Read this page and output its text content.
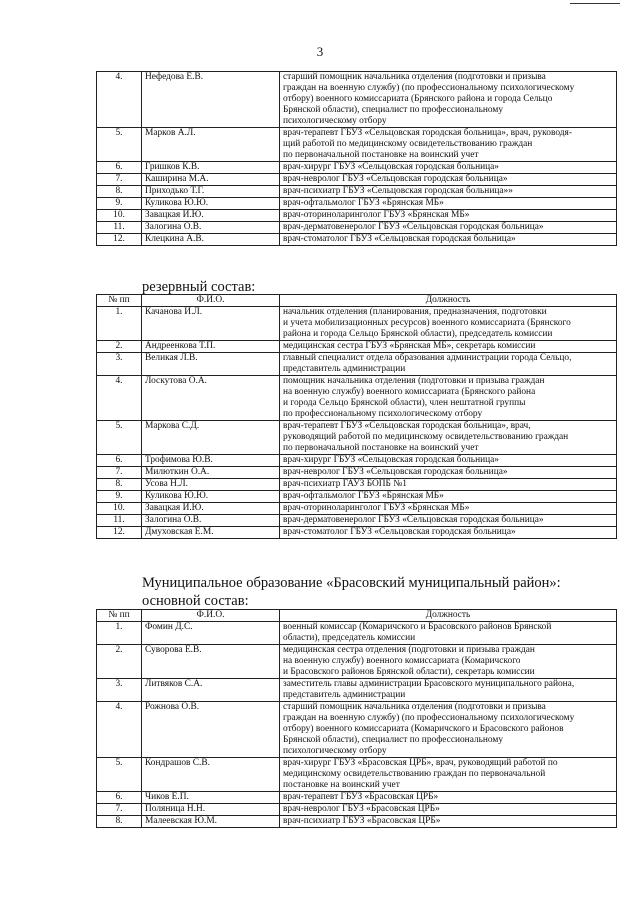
3
4.	Нефедова Е.В.	старший помощник начальника отделения (подготовки и призыва
граждан на военную службу) (по профессиональному психологическому
отбору) военного комиссариата (Брянского района и города Сельцо
Брянской области), специалист по профессиональному
психологическому отбору

5.	Марков А.Л.	врач-терапевт ГБУЗ «Сельцовская городская больница», врач, руководя-
щий работой по медицинскому освидетельствованию граждан
по первоначальной постановке на воинский учет

6.	Гришков К.В.	врач-хирург ГБУЗ «Сельцовская городская больница»

7.	Каширина М.А.	врач-невролог ГБУЗ «Сельцовская городская больница»

8.	Приходько Т.Г.	врач-психиатр ГБУЗ «Сельцовская городская больница»»

9.	Куликова Ю.Ю.	врач-офтальмолог ГБУЗ «Брянская МБ»

10.	Завацкая И.Ю.	врач-оториноларинголог ГБУЗ «Брянская МБ»

11.	Залогина О.В.	врач-дерматовенеролог ГБУЗ «Сельцовская городская больница»

12.	Клецкина А.В.	врач-стоматолог ГБУЗ «Сельцовская городская больница»
резервный состав:
№ пп	Ф.И.О.	Должность
1.	Качанова И.Л.	начальник отделения (планирования, предназначения, подготовки
и учета мобилизационных ресурсов) военного комиссариата (Брянского
района и города Сельцо Брянской области), председатель комиссии

2.	Андреенкова Т.П.	медицинская сестра ГБУЗ «Брянская МБ», секретарь комиссии

3.	Великая Л.В.	главный специалист отдела образования администрации города Сельцо,
представитель администрации

4.	Лоскутова О.А.	помощник начальника отделения (подготовки и призыва граждан
на военную службу) военного комиссариата (Брянского района
и города Сельцо Брянской области), член нештатной группы
по профессиональному психологическому отбору

5.	Маркова С.Д.	врач-терапевт ГБУЗ «Сельцовская городская больница», врач,
руководящий работой по медицинскому освидетельствованию граждан
по первоначальной постановке на воинский учет

6.	Трофимова Ю.В.	врач-хирург ГБУЗ «Сельцовская городская больница»

7.	Милюткин О.А.	врач-невролог ГБУЗ «Сельцовская городская больница»

8.	Усова Н.Л.	врач-психиатр ГАУЗ БОПБ №1

9.	Куликова Ю.Ю.	врач-офтальмолог ГБУЗ «Брянская МБ»

10.	Завацкая И.Ю.	врач-оториноларинголог ГБУЗ «Брянская МБ»

11.	Залогина О.В.	врач-дерматовенеролог ГБУЗ «Сельцовская городская больница»

12.	Дмуховская Е.М.	врач-стоматолог ГБУЗ «Сельцовская городская больница»
Муниципальное образование «Брасовский муниципальный район»:
основной состав:
№ пп	Ф.И.О.	Должность
1.	Фомин Д.С.	военный комиссар (Комаричского и Брасовского районов Брянской
области), председатель комиссии

2.	Суворова Е.В.	медицинская сестра отделения (подготовки и призыва граждан
на военную службу) военного комиссариата (Комаричского
и Брасовского районов Брянской области), секретарь комиссии

3.	Литвяков С.А.	заместитель главы администрации Брасовского муниципального района,
представитель администрации

4.	Рожнова О.В.	старший помощник начальника отделения (подготовки и призыва
граждан на военную службу) (по профессиональному психологическому
отбору) военного комиссариата (Комаричского и Брасовского районов
Брянской области), специалист по профессиональному
психологическому отбору

5.	Кондрашов С.В.	врач-хирург ГБУЗ «Брасовская ЦРБ», врач, руководящий работой по
медицинскому освидетельствованию граждан по первоначальной
постановке на воинский учет

6.	Чиков Е.П.	врач-терапевт ГБУЗ «Брасовская ЦРБ»

7.	Поляница Н.Н.	врач-невролог ГБУЗ «Брасовская ЦРБ»

8.	Малеевская Ю.М.	врач-психиатр ГБУЗ «Брасовская ЦРБ»
